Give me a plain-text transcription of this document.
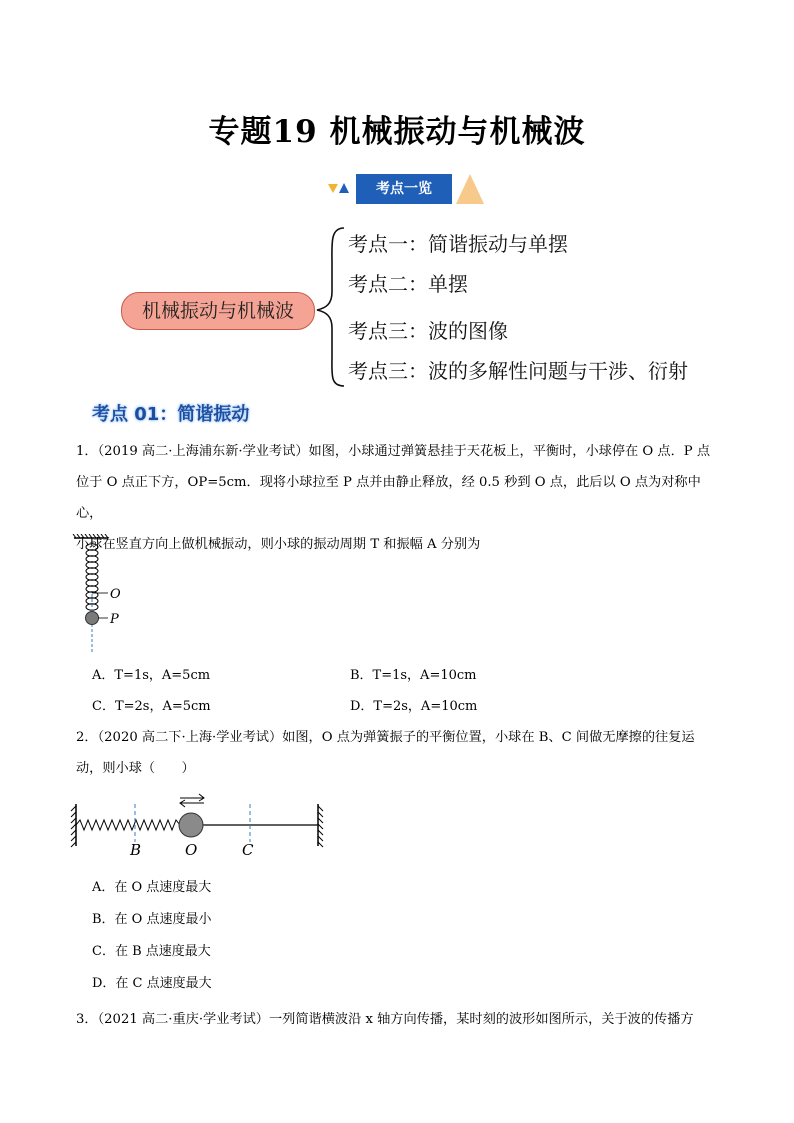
专题19 机械振动与机械波
考点一览
机械振动与机械波
考点一：简谐振动与单摆
考点二：单摆
考点三：波的图像
考点三：波的多解性问题与干涉、衍射
考点 01：简谐振动
1．（2019 高二·上海浦东新·学业考试）如图，小球通过弹簧悬挂于天花板上，平衡时，小球停在 O 点．P 点
位于 O 点正下方，OP=5cm．现将小球拉至 P 点并由静止释放，经 0.5 秒到 O 点，此后以 O 点为对称中心，
小球在竖直方向上做机械振动，则小球的振动周期 T 和振幅 A 分别为
O
P
A．T=1s，A=5cm	B．T=1s，A=10cm
C．T=2s，A=5cm	D．T=2s，A=10cm
2．（2020 高二下·上海·学业考试）如图，O 点为弹簧振子的平衡位置，小球在 B、C 间做无摩擦的往复运
动，则小球（　　）
B	O	C
A．在 O 点速度最大
B．在 O 点速度最小
C．在 B 点速度最大
D．在 C 点速度最大
3．（2021 高二·重庆·学业考试）一列简谐横波沿 x 轴方向传播，某时刻的波形如图所示，关于波的传播方
